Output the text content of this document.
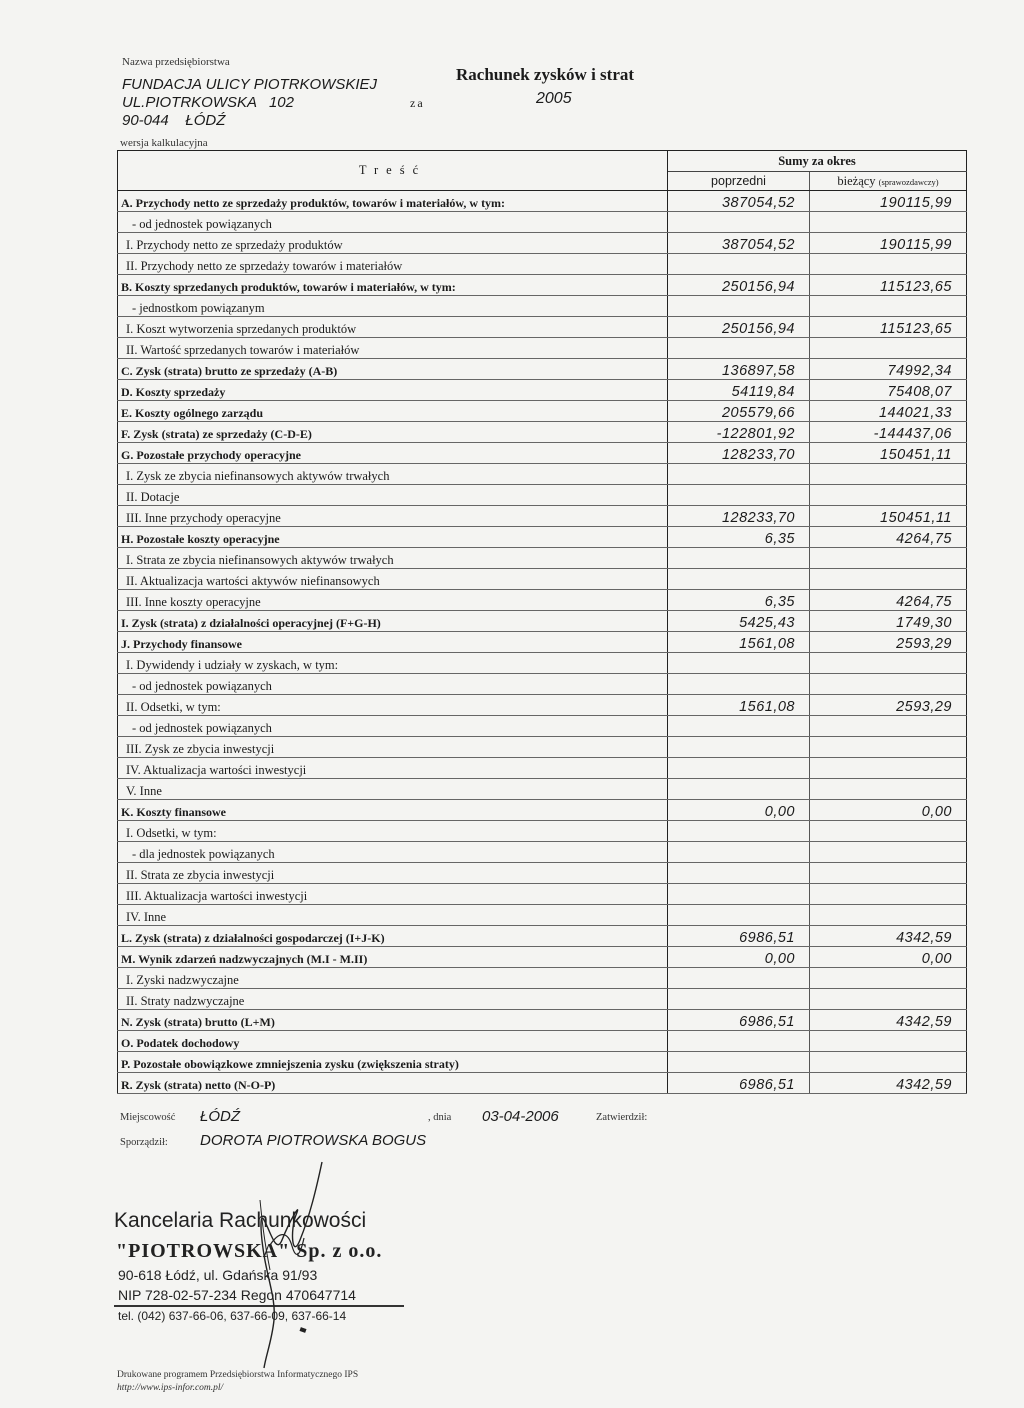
Nazwa przedsiębiorstwa
FUNDACJA ULICY PIOTRKOWSKIEJ
UL.PIOTRKOWSKA   102
90-044    ŁÓDŹ
wersja kalkulacyjna
Rachunek zysków i strat
za	2005
Treść	Sumy za okres	
	poprzedni	bieżący (sprawozdawczy)
A. Przychody netto ze sprzedaży produktów, towarów i materiałów, w tym:	387054,52	190115,99
- od jednostek powiązanych		
I. Przychody netto ze sprzedaży produktów	387054,52	190115,99
II. Przychody netto ze sprzedaży towarów i materiałów		
B. Koszty sprzedanych produktów, towarów i materiałów, w tym:	250156,94	115123,65
- jednostkom powiązanym		
I. Koszt wytworzenia sprzedanych produktów	250156,94	115123,65
II. Wartość sprzedanych towarów i materiałów		
C. Zysk (strata) brutto ze sprzedaży (A-B)	136897,58	74992,34
D. Koszty sprzedaży	54119,84	75408,07
E. Koszty ogólnego zarządu	205579,66	144021,33
F. Zysk (strata) ze sprzedaży (C-D-E)	-122801,92	-144437,06
G. Pozostałe przychody operacyjne	128233,70	150451,11
I. Zysk ze zbycia niefinansowych aktywów trwałych		
II. Dotacje		
III. Inne przychody operacyjne	128233,70	150451,11
H. Pozostałe koszty operacyjne	6,35	4264,75
I. Strata ze zbycia niefinansowych aktywów trwałych		
II. Aktualizacja wartości aktywów niefinansowych		
III. Inne koszty operacyjne	6,35	4264,75
I. Zysk (strata) z działalności operacyjnej (F+G-H)	5425,43	1749,30
J. Przychody finansowe	1561,08	2593,29
I. Dywidendy i udziały w zyskach, w tym:		
- od jednostek powiązanych		
II. Odsetki, w tym:	1561,08	2593,29
- od jednostek powiązanych		
III. Zysk ze zbycia inwestycji		
IV. Aktualizacja wartości inwestycji		
V. Inne		
K. Koszty finansowe	0,00	0,00
I. Odsetki, w tym:		
- dla jednostek powiązanych		
II. Strata ze zbycia inwestycji		
III. Aktualizacja wartości inwestycji		
IV. Inne		
L. Zysk (strata) z działalności gospodarczej (I+J-K)	6986,51	4342,59
M. Wynik zdarzeń nadzwyczajnych (M.I - M.II)	0,00	0,00
I. Zyski nadzwyczajne		
II. Straty nadzwyczajne		
N. Zysk (strata) brutto (L+M)	6986,51	4342,59
O. Podatek dochodowy		
P. Pozostałe obowiązkowe zmniejszenia zysku (zwiększenia straty)		
R. Zysk (strata) netto (N-O-P)	6986,51	4342,59
Miejscowość ŁÓDŹ	, dnia 03-04-2006	Zatwierdził:
Sporządził: DOROTA PIOTROWSKA BOGUS
Kancelaria Rachunkowości
"PIOTROWSKA" Sp. z o.o.
90-618 Łódź, ul. Gdańska 91/93
NIP 728-02-57-234 Regon 470647714
tel. (042) 637-66-06, 637-66-09, 637-66-14
Drukowane programem Przedsiębiorstwa Informatycznego IPS
http://www.ips-infor.com.pl/
